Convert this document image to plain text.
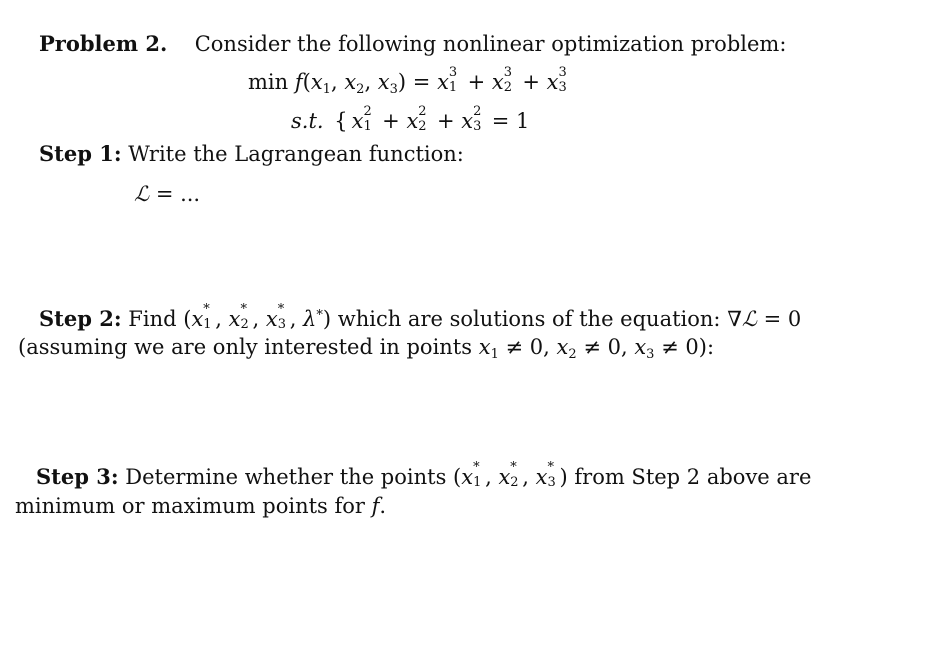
Problem 2. Consider the following nonlinear optimization problem:
$\min f(x_1$, $x_2$, $x_3) = x$ 3
1 + x 3
2 + x 3
3
s.t. { x 2
1 + x 2
2 + x 2
3 = 1
Step 1: Write the Lagrangean function:
ℒ = ...
Step 2: Find (x *
1 , x *
2 , x *
3 , λ*) which are solutions of the equation: ∇ℒ = 0
(assuming we are only interested in points $x_1 \ne 0$, $x_2 \ne 0$, $x_3 \ne 0$):
Step 3: Determine whether the points (x *
1 , x *
2 , x *
3 ) from Step 2 above are
minimum or maximum points for f.
